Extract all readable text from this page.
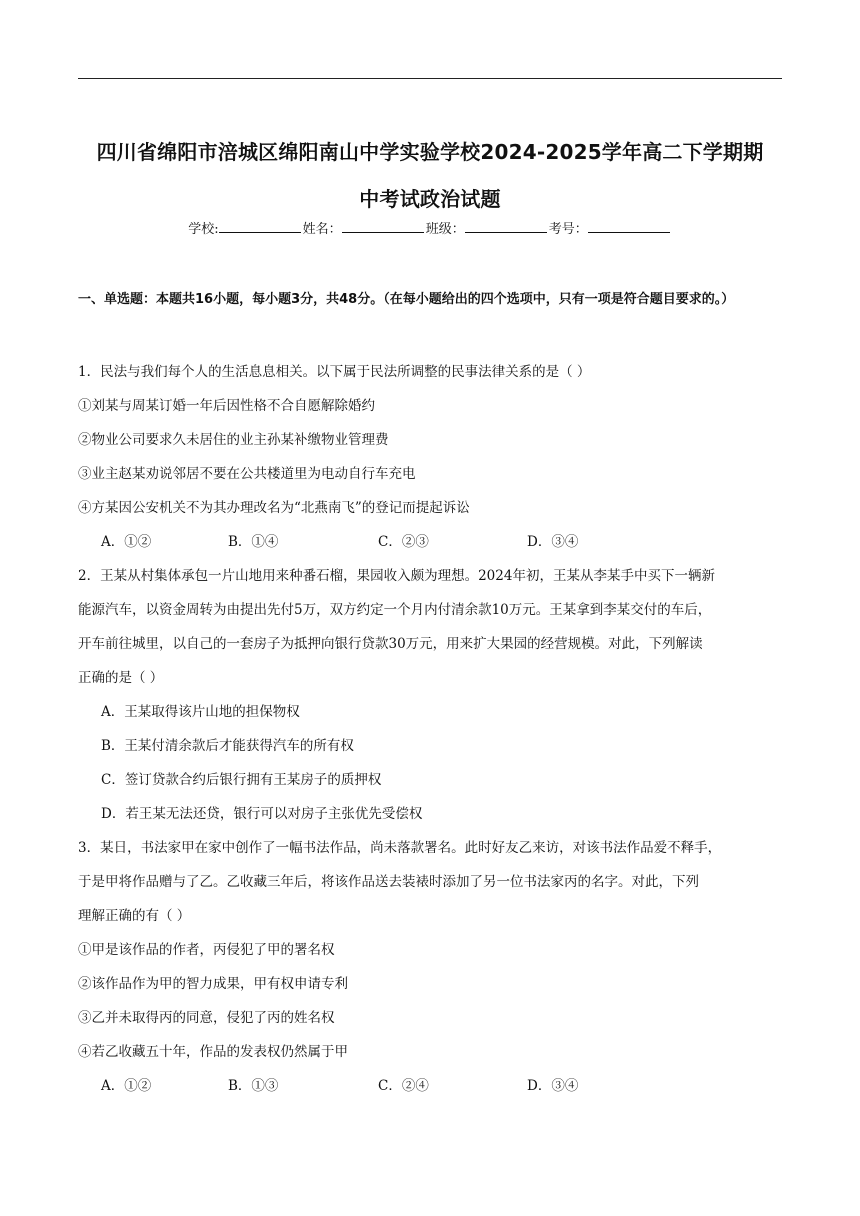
四川省绵阳市涪城区绵阳南山中学实验学校2024-2025学年高二下学期期
中考试政治试题
学校:	姓名：	班级：	考号：
一、单选题：本题共16小题，每小题3分，共48分。（在每小题给出的四个选项中，只有一项是符合题目要求的。）
1．民法与我们每个人的生活息息相关。以下属于民法所调整的民事法律关系的是（ ）
①刘某与周某订婚一年后因性格不合自愿解除婚约
②物业公司要求久未居住的业主孙某补缴物业管理费
③业主赵某劝说邻居不要在公共楼道里为电动自行车充电
④方某因公安机关不为其办理改名为“北燕南飞”的登记而提起诉讼
A．①②	B．①④	C．②③	D．③④
2．王某从村集体承包一片山地用来种番石榴，果园收入颇为理想。2024年初，王某从李某手中买下一辆新
能源汽车，以资金周转为由提出先付5万，双方约定一个月内付清余款10万元。王某拿到李某交付的车后，
开车前往城里，以自己的一套房子为抵押向银行贷款30万元，用来扩大果园的经营规模。对此，下列解读
正确的是（ ）
A．王某取得该片山地的担保物权
B．王某付清余款后才能获得汽车的所有权
C．签订贷款合约后银行拥有王某房子的质押权
D．若王某无法还贷，银行可以对房子主张优先受偿权
3．某日，书法家甲在家中创作了一幅书法作品，尚未落款署名。此时好友乙来访，对该书法作品爱不释手，
于是甲将作品赠与了乙。乙收藏三年后，将该作品送去装裱时添加了另一位书法家丙的名字。对此，下列
理解正确的有（ ）
①甲是该作品的作者，丙侵犯了甲的署名权
②该作品作为甲的智力成果，甲有权申请专利
③乙并未取得丙的同意，侵犯了丙的姓名权
④若乙收藏五十年，作品的发表权仍然属于甲
A．①②	B．①③	C．②④	D．③④
